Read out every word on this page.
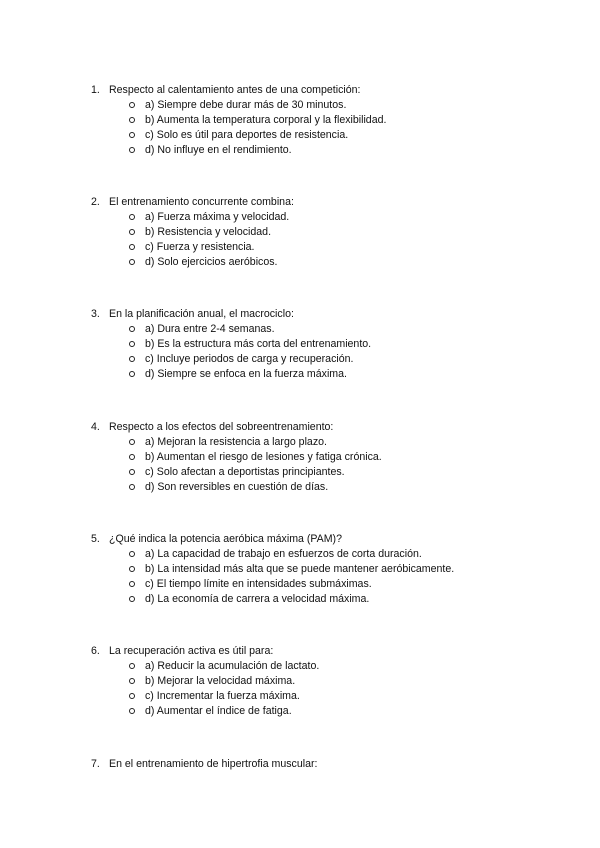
1. Respecto al calentamiento antes de una competición:
a) Siempre debe durar más de 30 minutos.
b) Aumenta la temperatura corporal y la flexibilidad.
c) Solo es útil para deportes de resistencia.
d) No influye en el rendimiento.
2. El entrenamiento concurrente combina:
a) Fuerza máxima y velocidad.
b) Resistencia y velocidad.
c) Fuerza y resistencia.
d) Solo ejercicios aeróbicos.
3. En la planificación anual, el macrociclo:
a) Dura entre 2-4 semanas.
b) Es la estructura más corta del entrenamiento.
c) Incluye periodos de carga y recuperación.
d) Siempre se enfoca en la fuerza máxima.
4. Respecto a los efectos del sobreentrenamiento:
a) Mejoran la resistencia a largo plazo.
b) Aumentan el riesgo de lesiones y fatiga crónica.
c) Solo afectan a deportistas principiantes.
d) Son reversibles en cuestión de días.
5. ¿Qué indica la potencia aeróbica máxima (PAM)?
a) La capacidad de trabajo en esfuerzos de corta duración.
b) La intensidad más alta que se puede mantener aeróbicamente.
c) El tiempo límite en intensidades submáximas.
d) La economía de carrera a velocidad máxima.
6. La recuperación activa es útil para:
a) Reducir la acumulación de lactato.
b) Mejorar la velocidad máxima.
c) Incrementar la fuerza máxima.
d) Aumentar el índice de fatiga.
7. En el entrenamiento de hipertrofia muscular:
